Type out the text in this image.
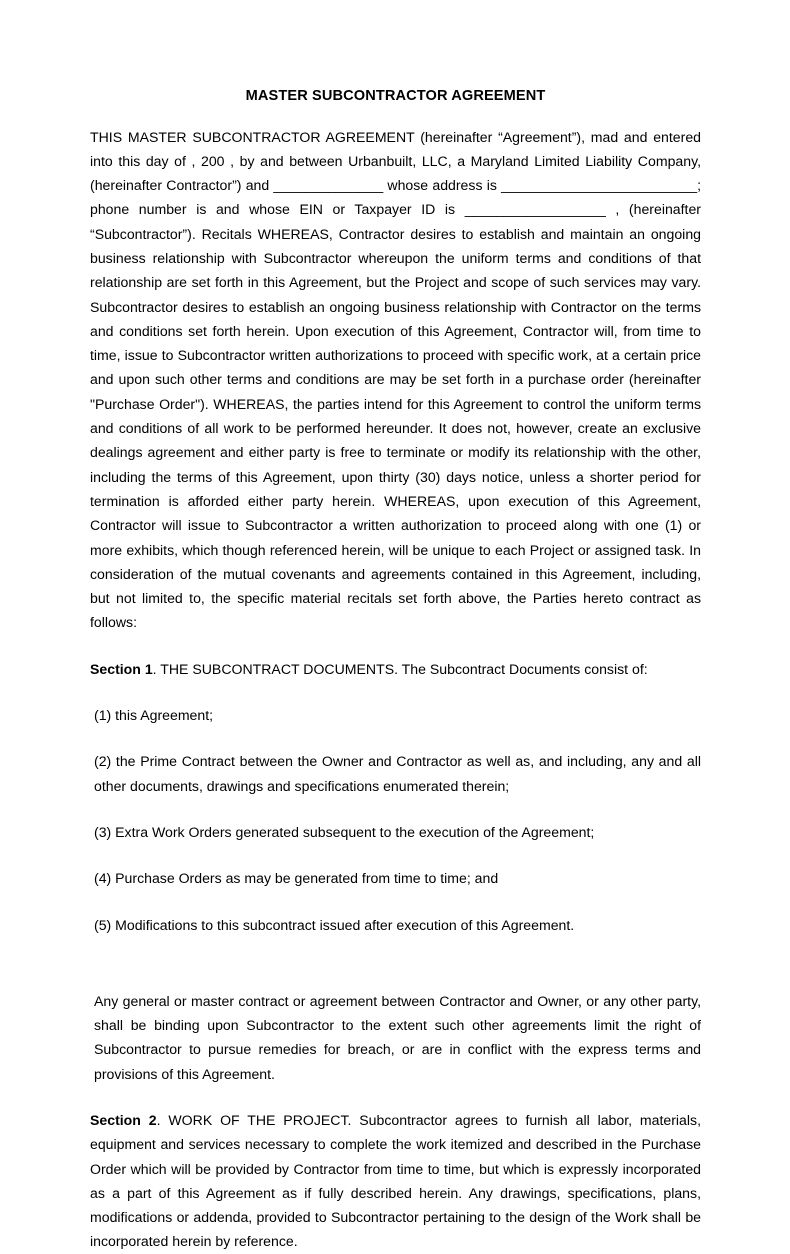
MASTER SUBCONTRACTOR AGREEMENT

THIS MASTER SUBCONTRACTOR AGREEMENT (hereinafter “Agreement”), mad and entered into this day of , 200 , by and between Urbanbuilt, LLC, a Maryland Limited Liability Company, (hereinafter Contractor”) and ______________ whose address is _________________________; phone number is and whose EIN or Taxpayer ID is __________________ , (hereinafter “Subcontractor”). Recitals WHEREAS, Contractor desires to establish and maintain an ongoing business relationship with Subcontractor whereupon the uniform terms and conditions of that relationship are set forth in this Agreement, but the Project and scope of such services may vary. Subcontractor desires to establish an ongoing business relationship with Contractor on the terms and conditions set forth herein. Upon execution of this Agreement, Contractor will, from time to time, issue to Subcontractor written authorizations to proceed with specific work, at a certain price and upon such other terms and conditions are may be set forth in a purchase order (hereinafter "Purchase Order"). WHEREAS, the parties intend for this Agreement to control the uniform terms and conditions of all work to be performed hereunder. It does not, however, create an exclusive dealings agreement and either party is free to terminate or modify its relationship with the other, including the terms of this Agreement, upon thirty (30) days notice, unless a shorter period for termination is afforded either party herein. WHEREAS, upon execution of this Agreement, Contractor will issue to Subcontractor a written authorization to proceed along with one (1) or more exhibits, which though referenced herein, will be unique to each Project or assigned task. In consideration of the mutual covenants and agreements contained in this Agreement, including, but not limited to, the specific material recitals set forth above, the Parties hereto contract as follows:

Section 1. THE SUBCONTRACT DOCUMENTS. The Subcontract Documents consist of:

(1) this Agreement;

(2) the Prime Contract between the Owner and Contractor as well as, and including, any and all other documents, drawings and specifications enumerated therein;

(3) Extra Work Orders generated subsequent to the execution of the Agreement;

(4) Purchase Orders as may be generated from time to time; and

(5) Modifications to this subcontract issued after execution of this Agreement.

Any general or master contract or agreement between Contractor and Owner, or any other party, shall be binding upon Subcontractor to the extent such other agreements limit the right of Subcontractor to pursue remedies for breach, or are in conflict with the express terms and provisions of this Agreement.

Section 2. WORK OF THE PROJECT. Subcontractor agrees to furnish all labor, materials, equipment and services necessary to complete the work itemized and described in the Purchase Order which will be provided by Contractor from time to time, but which is expressly incorporated as a part of this Agreement as if fully described herein. Any drawings, specifications, plans, modifications or addenda, provided to Subcontractor pertaining to the design of the Work shall be incorporated herein by reference.
